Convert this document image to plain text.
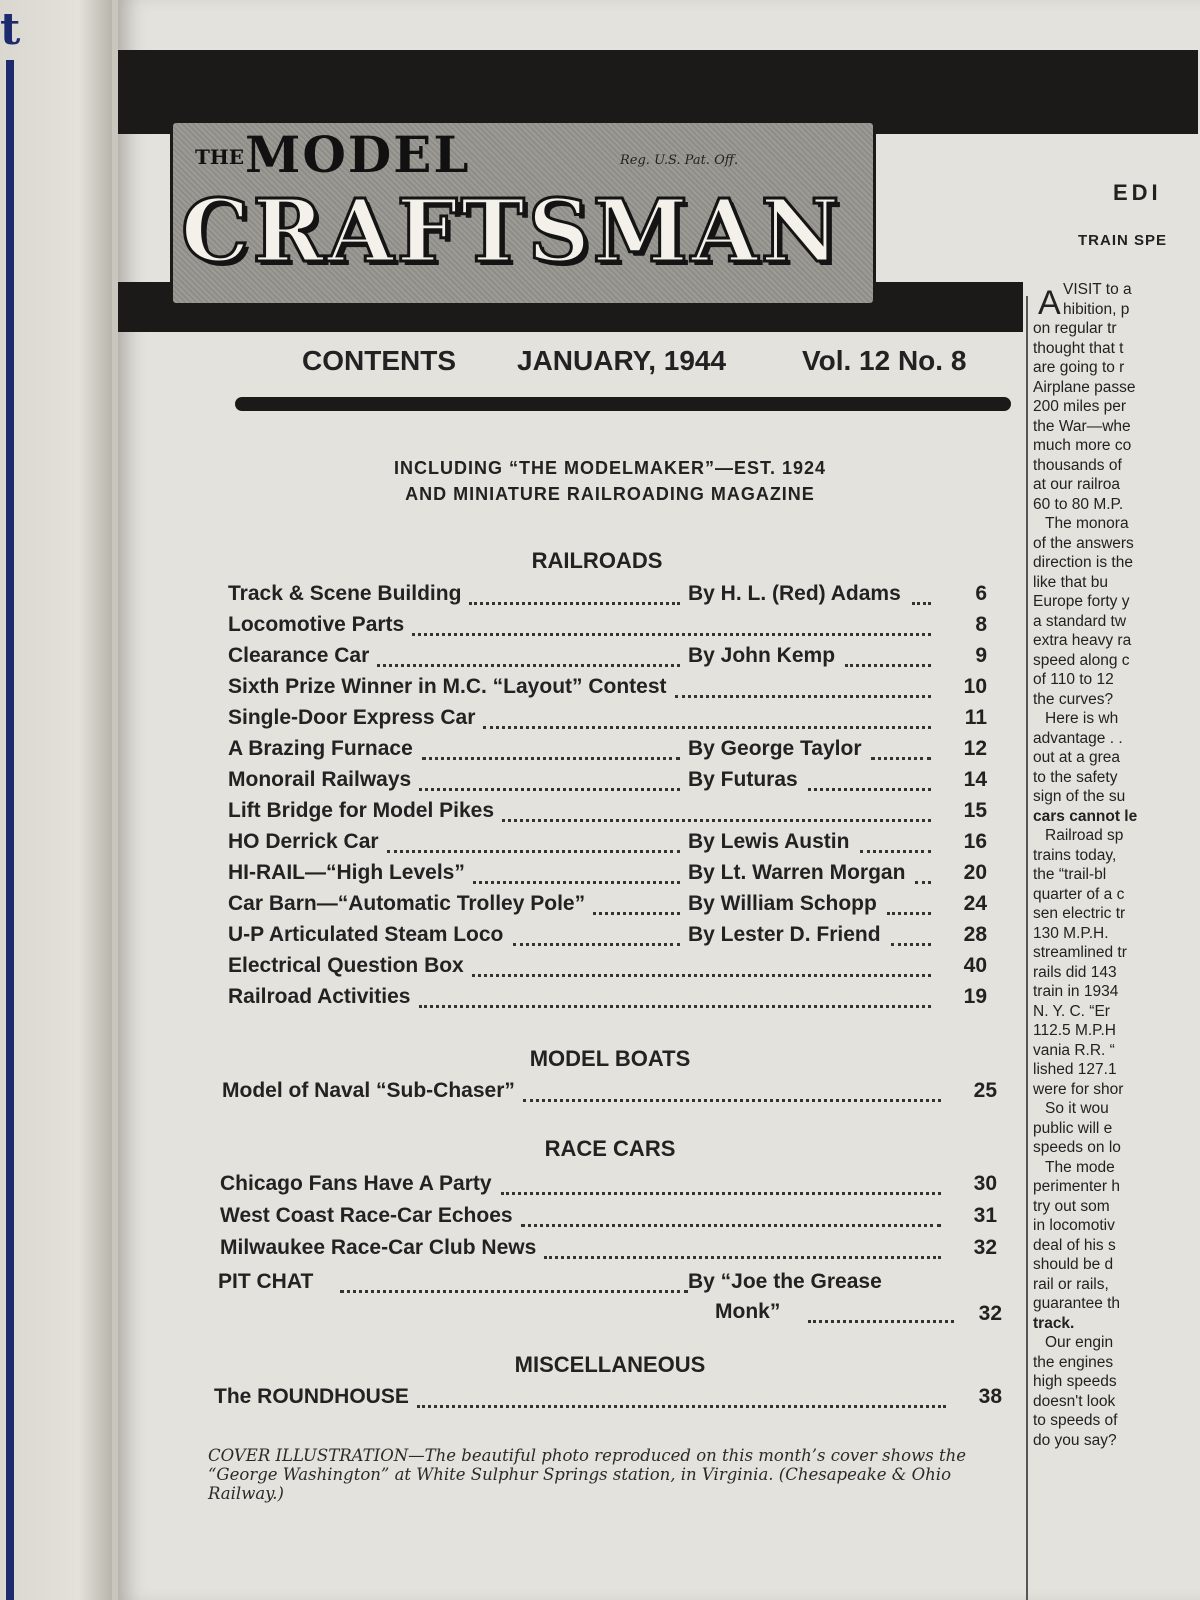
t
THE MODEL	Reg. U.S. Pat. Off.
CRAFTSMAN
CONTENTS JANUARY, 1944	Vol. 12 No. 8
INCLUDING “THE MODELMAKER”—EST. 1924
AND MINIATURE RAILROADING MAGAZINE
RAILROADS
Track & Scene Building	By H. L. (Red) Adams	6
Locomotive Parts	8
Clearance Car	By John Kemp	9
Sixth Prize Winner in M.C. “Layout” Contest	10
Single-Door Express Car	11
A Brazing Furnace	By George Taylor	12
Monorail Railways	By Futuras	14
Lift Bridge for Model Pikes	15
HO Derrick Car	By Lewis Austin	16
HI-RAIL—“High Levels”	By Lt. Warren Morgan	20
Car Barn—“Automatic Trolley Pole”	By William Schopp	24
U-P Articulated Steam Loco	By Lester D. Friend	28
Electrical Question Box	40
Railroad Activities	19
MODEL BOATS
Model of Naval “Sub-Chaser”	25
RACE CARS
Chicago Fans Have A Party	30
West Coast Race-Car Echoes	31
Milwaukee Race-Car Club News	32
PIT CHAT	By “Joe the Grease
Monk”	32
MISCELLANEOUS
The ROUNDHOUSE	38
COVER ILLUSTRATION—The beautiful photo reproduced on this month’s cover shows the “George Washington” at White Sulphur Springs station, in Virginia. (Chesapeake & Ohio Railway.)
EDI
TRAIN SPE
A VISIT to a
hibition, p
on regular tr
thought that t
are going to r
Airplane passe
200 miles per
the War—whe
much more co
thousands of
at our railroa
60 to 80 M.P.
The monora
of the answers
direction is the
like that bu
Europe forty y
a standard tw
extra heavy ra
speed along c
of 110 to 12
the curves?
Here is wh
advantage . .
out at a grea
to the safety
sign of the su
cars cannot le
Railroad sp
trains today,
the “trail-bl
quarter of a c
sen electric tr
130 M.P.H.
streamlined tr
rails did 143
train in 1934
N. Y. C. “Er
112.5 M.P.H
vania R.R. “
lished 127.1
were for shor
So it wou
public will e
speeds on lo
The mode
perimenter h
try out som
in locomotiv
deal of his s
should be d
rail or rails,
guarantee th
track.
Our engin
the engines
high speeds
doesn't look
to speeds of
do you say?
